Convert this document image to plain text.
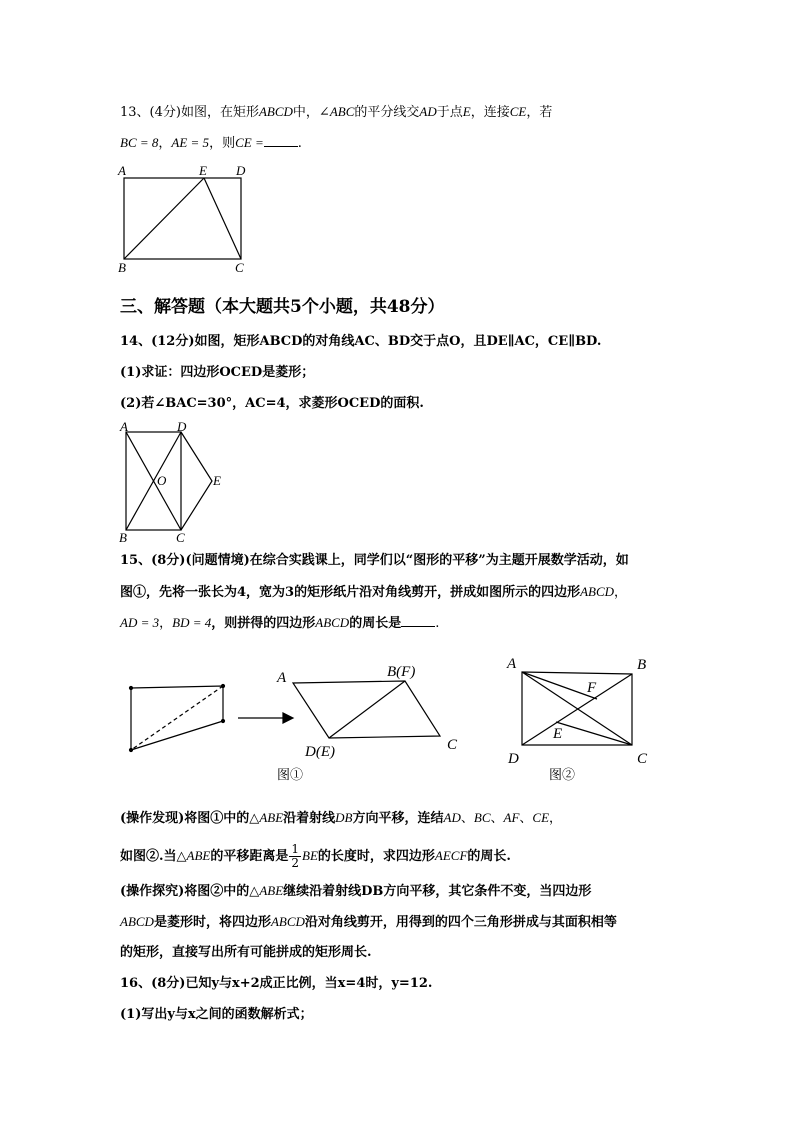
13、(4分)如图，在矩形ABCD中，∠ABC的平分线交AD于点E，连接CE，若
BC = 8，AE = 5，则CE =	.
A	E D
B	C
三、解答题（本大题共5个小题，共48分）
14、(12分)如图，矩形ABCD的对角线AC、BD交于点O，且DE∥AC，CE∥BD.
(1)求证：四边形OCED是菱形；
(2)若∠BAC=30°，AC=4，求菱形OCED的面积.
A	D
O	E
B	C
15、(8分)(问题情境)在综合实践课上，同学们以“图形的平移”为主题开展数学活动，如
图①，先将一张长为4，宽为3的矩形纸片沿对角线剪开，拼成如图所示的四边形ABCD，
AD = 3，BD = 4，则拼得的四边形ABCD的周长是	.
A	B(F)
C
D(E)
A	B
F
E
D	C
图①	图②
(操作发现)将图①中的△ABE沿着射线DB方向平移，连结AD、BC、AF、CE，
如图②.当△ABE的平移距离是 $\frac{1}{2}$ BE的长度时，求四边形AECF的周长.
(操作探究)将图②中的△ABE继续沿着射线DB方向平移，其它条件不变，当四边形
ABCD是菱形时，将四边形ABCD沿对角线剪开，用得到的四个三角形拼成与其面积相等
的矩形，直接写出所有可能拼成的矩形周长.
16、(8分)已知y与x+2成正比例，当x=4时，y=12.
(1)写出y与x之间的函数解析式；
